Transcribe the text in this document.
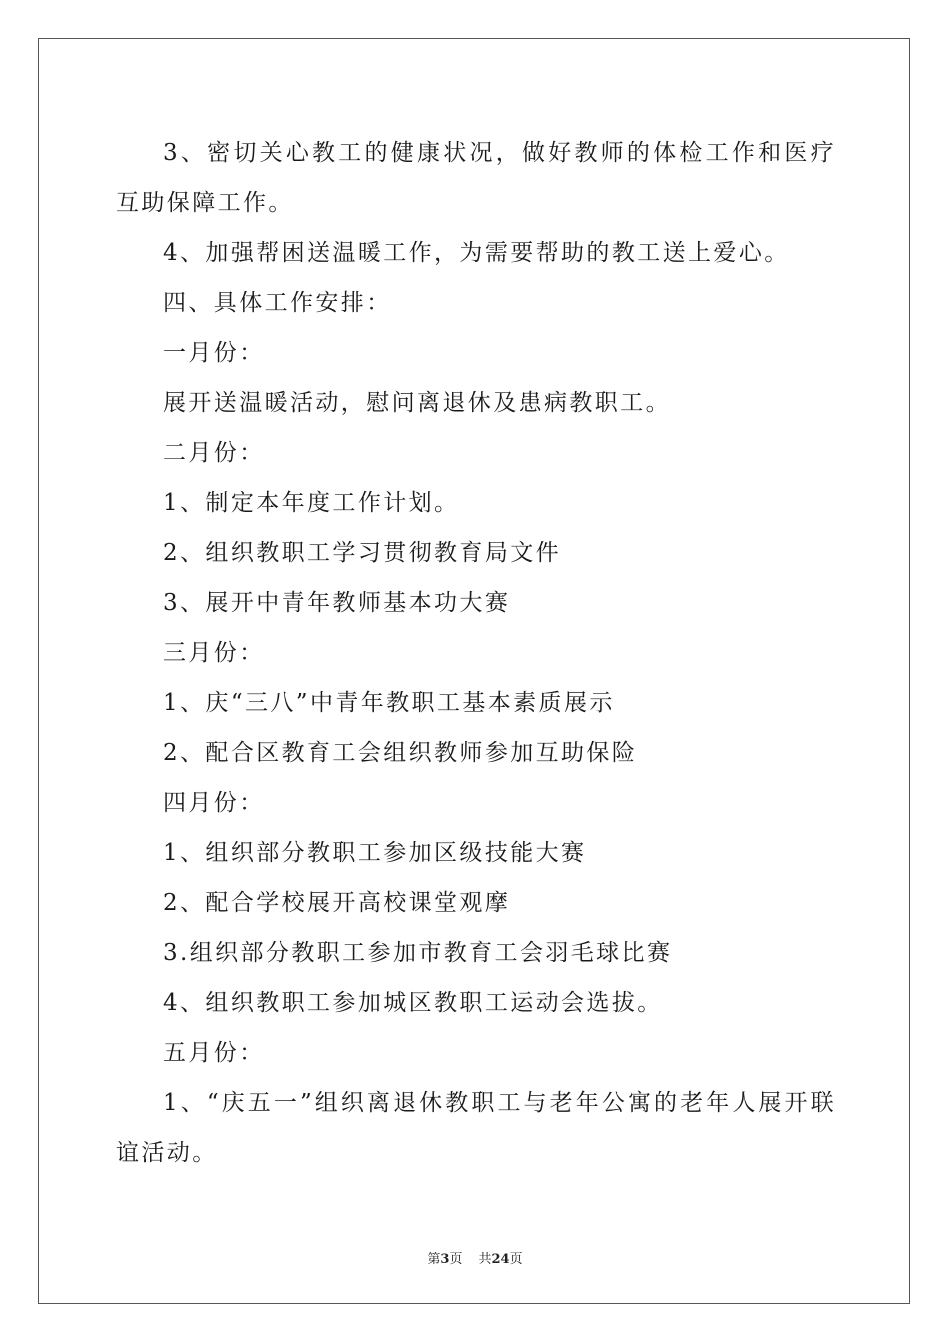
3、密切关心教工的健康状况，做好教师的体检工作和医疗互助保障工作。

4、加强帮困送温暖工作，为需要帮助的教工送上爱心。

四、具体工作安排：

一月份：

展开送温暖活动，慰问离退休及患病教职工。

二月份：

1、制定本年度工作计划。

2、组织教职工学习贯彻教育局文件

3、展开中青年教师基本功大赛

三月份：

1、庆“三八”中青年教职工基本素质展示

2、配合区教育工会组织教师参加互助保险

四月份：

1、组织部分教职工参加区级技能大赛

2、配合学校展开高校课堂观摩

3.组织部分教职工参加市教育工会羽毛球比赛

4、组织教职工参加城区教职工运动会选拔。

五月份：

1、“庆五一”组织离退休教职工与老年公寓的老年人展开联谊活动。

第3页 共24页
